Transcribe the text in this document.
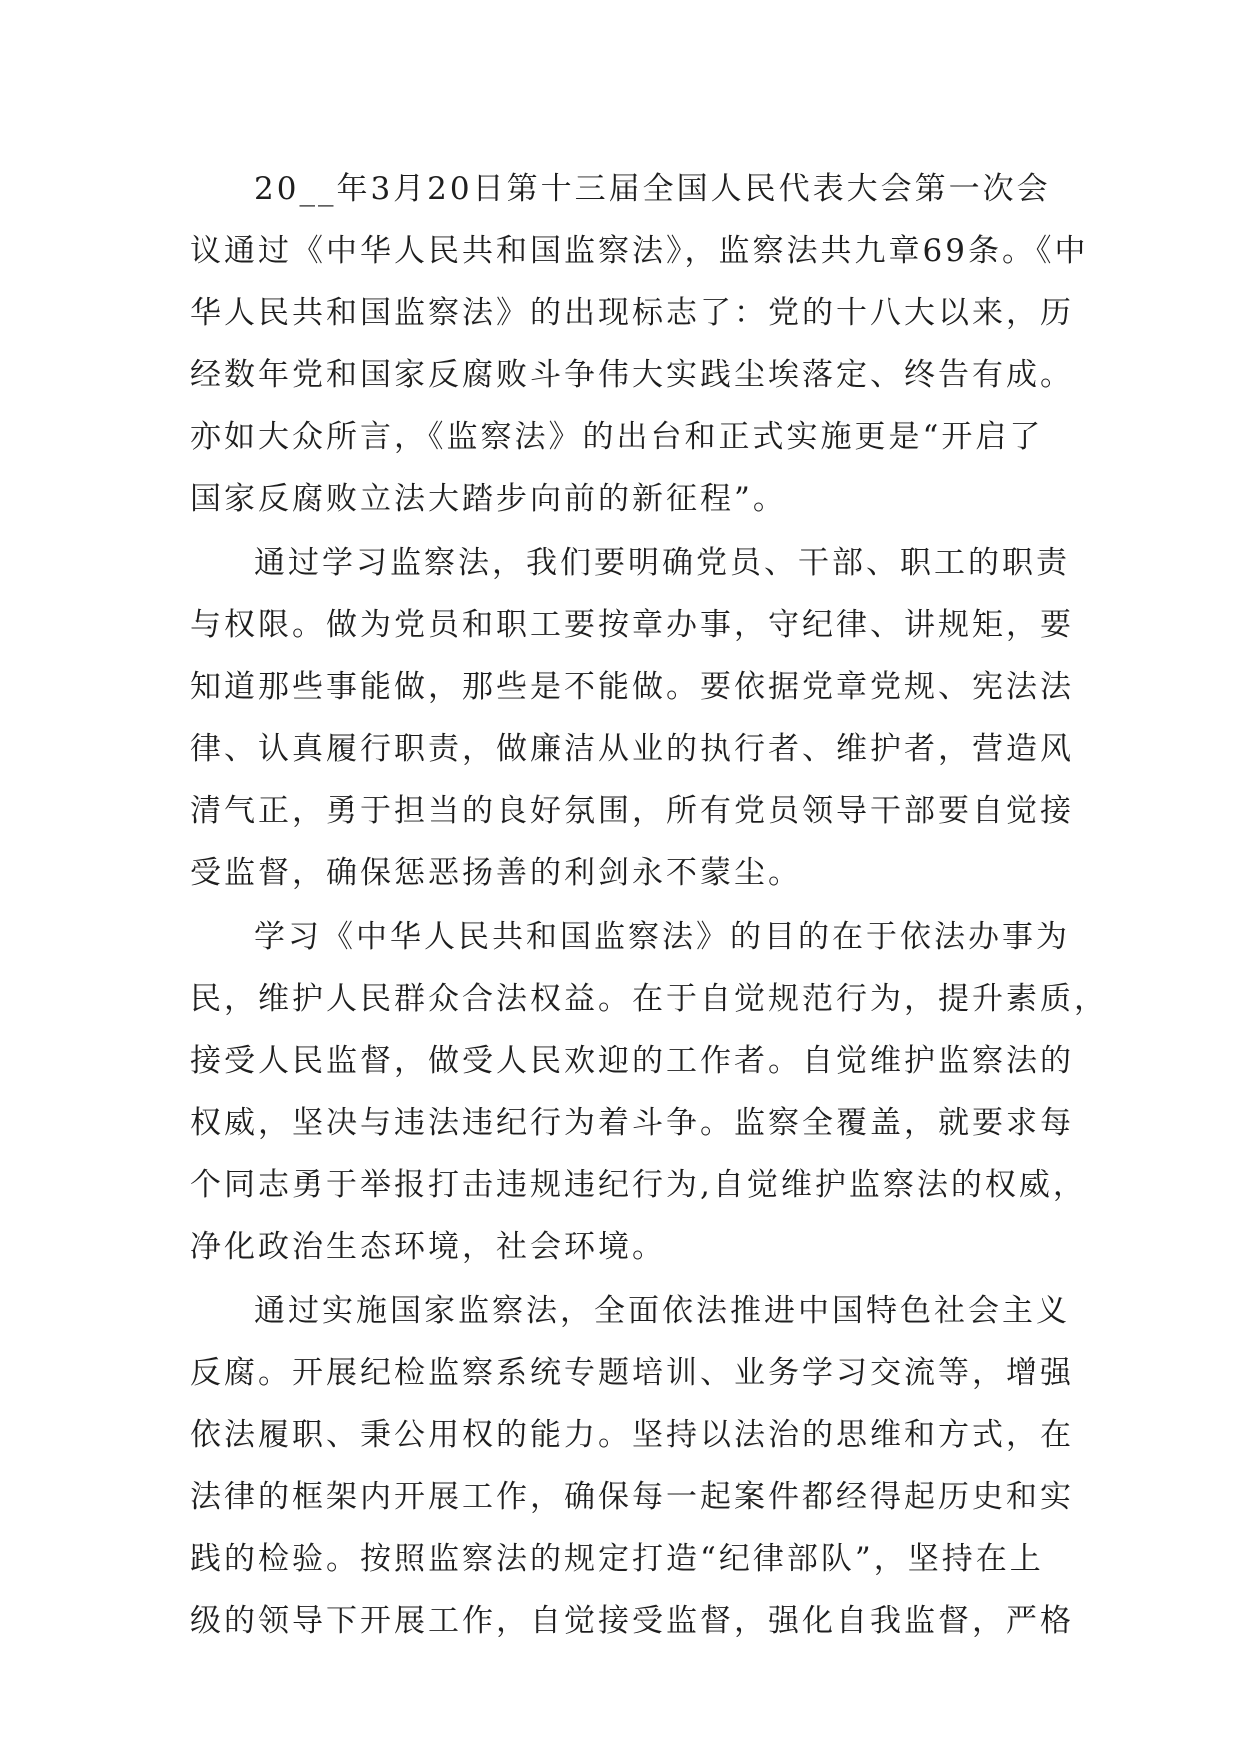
20__年3月20日第十三届全国人民代表大会第一次会
议通过《中华人民共和国监察法》，监察法共九章69条。《中
华人民共和国监察法》的出现标志了：党的十八大以来，历
经数年党和国家反腐败斗争伟大实践尘埃落定、终告有成。
亦如大众所言，《监察法》的出台和正式实施更是“开启了
国家反腐败立法大踏步向前的新征程”。
通过学习监察法，我们要明确党员、干部、职工的职责
与权限。做为党员和职工要按章办事，守纪律、讲规矩，要
知道那些事能做，那些是不能做。要依据党章党规、宪法法
律、认真履行职责，做廉洁从业的执行者、维护者，营造风
清气正，勇于担当的良好氛围，所有党员领导干部要自觉接
受监督，确保惩恶扬善的利剑永不蒙尘。
学习《中华人民共和国监察法》的目的在于依法办事为
民，维护人民群众合法权益。在于自觉规范行为，提升素质，
接受人民监督，做受人民欢迎的工作者。自觉维护监察法的
权威，坚决与违法违纪行为着斗争。监察全覆盖，就要求每
个同志勇于举报打击违规违纪行为,自觉维护监察法的权威，
净化政治生态环境，社会环境。
通过实施国家监察法，全面依法推进中国特色社会主义
反腐。开展纪检监察系统专题培训、业务学习交流等，增强
依法履职、秉公用权的能力。坚持以法治的思维和方式，在
法律的框架内开展工作，确保每一起案件都经得起历史和实
践的检验。按照监察法的规定打造“纪律部队”，坚持在上
级的领导下开展工作，自觉接受监督，强化自我监督，严格
